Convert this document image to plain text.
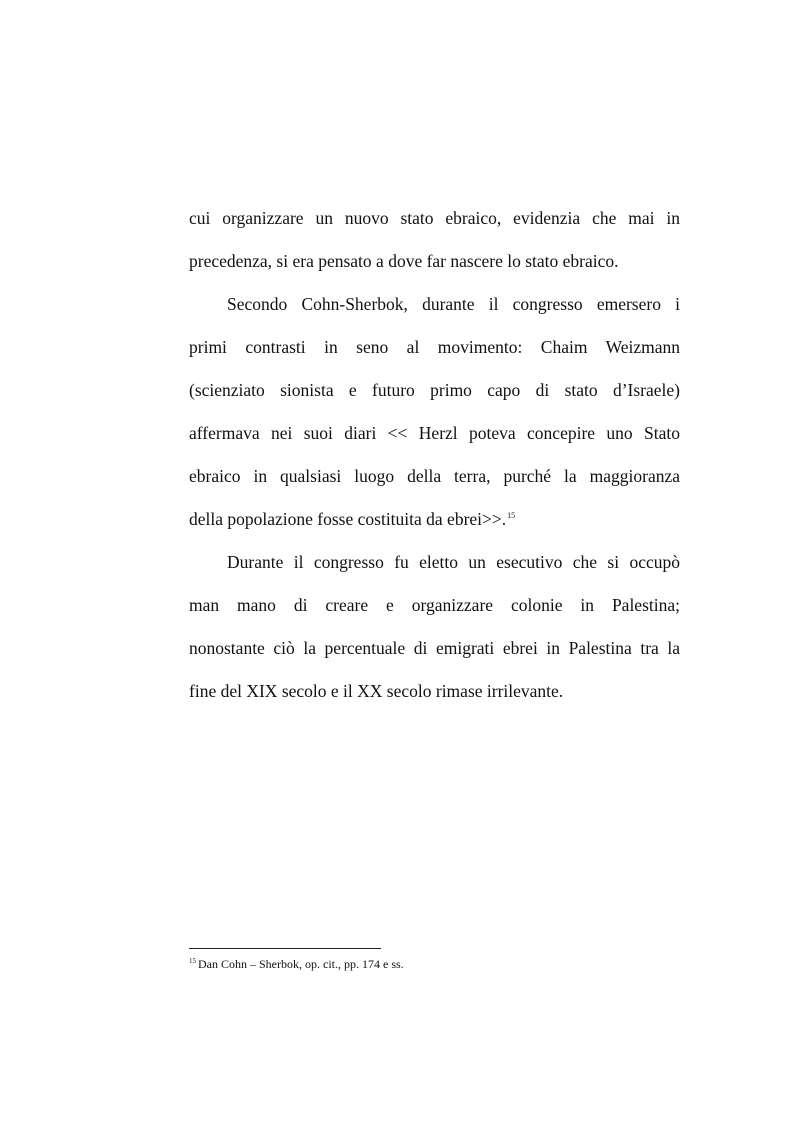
cui organizzare un nuovo stato ebraico, evidenzia che mai in
precedenza, si era pensato a dove far nascere lo stato ebraico.
Secondo Cohn-Sherbok, durante il congresso emersero i
primi contrasti in seno al movimento: Chaim Weizmann
(scienziato sionista e futuro primo capo di stato d’Israele)
affermava nei suoi diari << Herzl poteva concepire uno Stato
ebraico in qualsiasi luogo della terra, purché la maggioranza
della popolazione fosse costituita da ebrei>>.$^{15}$
Durante il congresso fu eletto un esecutivo che si occupò
man mano di creare e organizzare colonie in Palestina;
nonostante ciò la percentuale di emigrati ebrei in Palestina tra la
fine del XIX secolo e il XX secolo rimase irrilevante.
$^{15}$ Dan Cohn – Sherbok, op. cit., pp. 174 e ss.
